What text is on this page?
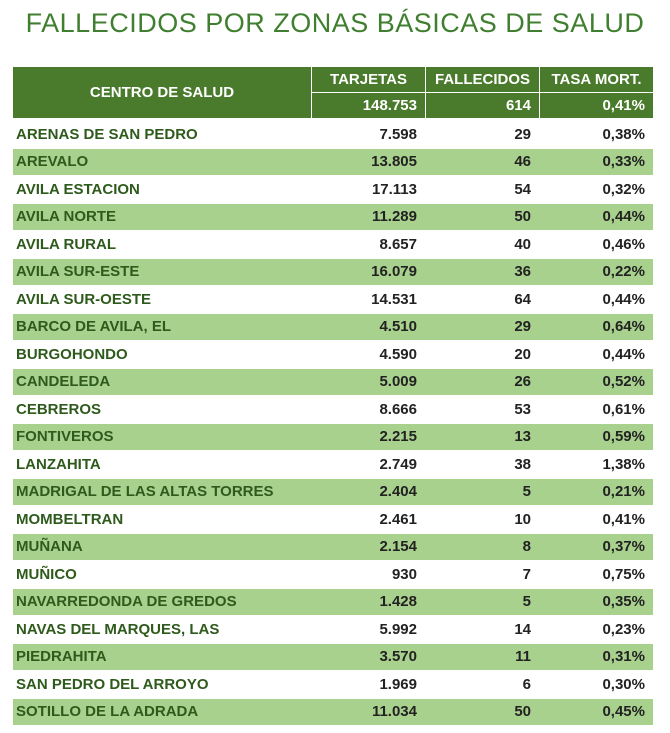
FALLECIDOS POR ZONAS BÁSICAS DE SALUD
CENTRO DE SALUD	TARJETAS	FALLECIDOS	TASA MORT.
	148.753	614	0,41%
ARENAS DE SAN PEDRO	7.598	29	0,38%
AREVALO	13.805	46	0,33%
AVILA ESTACION	17.113	54	0,32%
AVILA NORTE	11.289	50	0,44%
AVILA RURAL	8.657	40	0,46%
AVILA SUR-ESTE	16.079	36	0,22%
AVILA SUR-OESTE	14.531	64	0,44%
BARCO DE AVILA, EL	4.510	29	0,64%
BURGOHONDO	4.590	20	0,44%
CANDELEDA	5.009	26	0,52%
CEBREROS	8.666	53	0,61%
FONTIVEROS	2.215	13	0,59%
LANZAHITA	2.749	38	1,38%
MADRIGAL DE LAS ALTAS TORRES	2.404	5	0,21%
MOMBELTRAN	2.461	10	0,41%
MUÑANA	2.154	8	0,37%
MUÑICO	930	7	0,75%
NAVARREDONDA DE GREDOS	1.428	5	0,35%
NAVAS DEL MARQUES, LAS	5.992	14	0,23%
PIEDRAHITA	3.570	11	0,31%
SAN PEDRO DEL ARROYO	1.969	6	0,30%
SOTILLO DE LA ADRADA	11.034	50	0,45%
